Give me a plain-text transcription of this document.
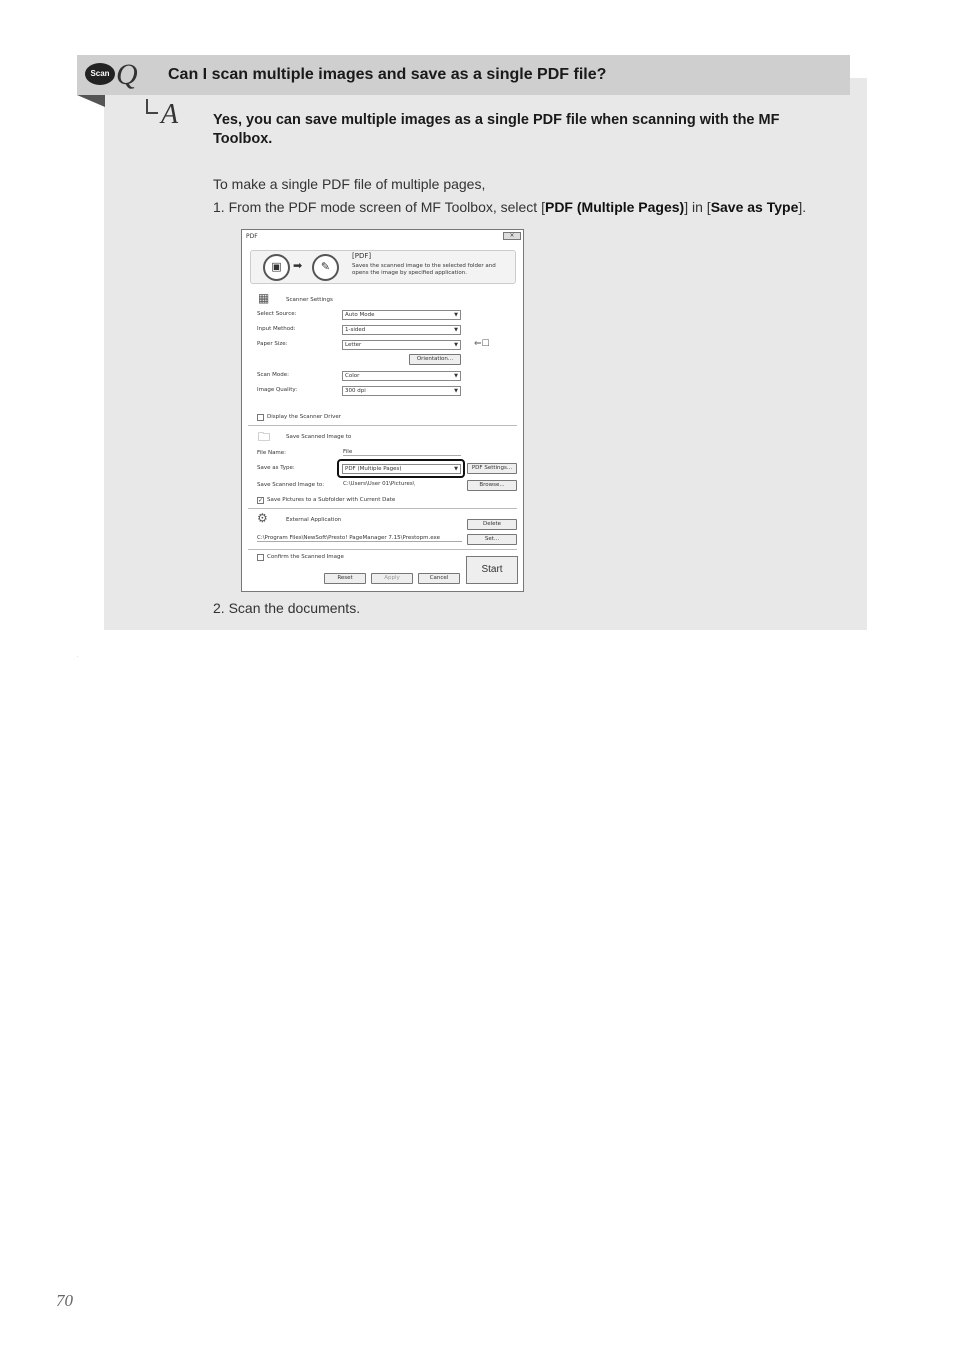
Scan Q Can I scan multiple images and save as a single PDF file?
A Yes, you can save multiple images as a single PDF file when scanning with the MF Toolbox.
To make a single PDF file of multiple pages,
1. From the PDF mode screen of MF Toolbox, select [PDF (Multiple Pages)] in [Save as Type].
PDF	×
▣	➡	✎
[PDF]
Saves the scanned image to the selected folder and opens the image by specified application.
▦	Scanner Settings
Select Source:	Auto Mode	▼
Input Method:	1-sided	▼
Paper Size:	Letter	▼ ⇐☐
Orientation...
Scan Mode:	Color	▼
Image Quality:	300 dpi	▼
Display the Scanner Driver
🗀	Save Scanned Image to
File Name:	File
Save as Type:	PDF (Multiple Pages)	▼	PDF Settings...
Save Scanned Image to:	C:\Users\User 01\Pictures\	Browse...
✓ Save Pictures to a Subfolder with Current Date
⚙	External Application
Delete
C:\Program Files\NewSoft\Presto! PageManager 7.15\Prestopm.exe	Set...
Confirm the Scanned Image
Reset	Apply	Cancel
Start
2. Scan the documents.
·
70
